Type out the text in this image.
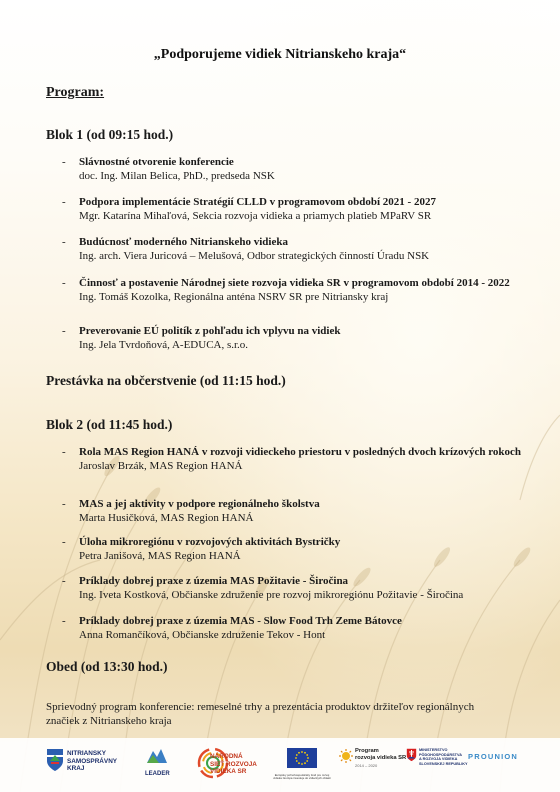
„Podporujeme vidiek Nitrianskeho kraja“
Program:
Blok 1 (od 09:15 hod.)
-	Slávnostné otvorenie konferencie
doc. Ing. Milan Belica, PhD., predseda NSK
-	Podpora implementácie Stratégií CLLD v programovom období 2021 - 2027
Mgr. Katarína Mihaľová, Sekcia rozvoja vidieka a priamych platieb MPaRV SR
-	Budúcnosť moderného Nitrianskeho vidieka
Ing. arch. Viera Juricová – Melušová, Odbor strategických činností Úradu NSK
-	Činnosť a postavenie Národnej siete rozvoja vidieka SR v programovom období 2014 - 2022
Ing. Tomáš Kozolka, Regionálna anténa NSRV SR pre Nitriansky kraj
-	Preverovanie EÚ politík z pohľadu ich vplyvu na vidiek
Ing. Jela Tvrdoňová, A-EDUCA, s.r.o.
Prestávka na občerstvenie (od 11:15 hod.)
Blok 2 (od 11:45 hod.)
-	Rola MAS Region HANÁ v rozvoji vidieckeho priestoru v posledných dvoch krízových rokoch
Jaroslav Brzák, MAS Region HANÁ
-	MAS a jej aktivity v podpore regionálneho školstva
Marta Husičková, MAS Region HANÁ
-	Úloha mikroregiónu v rozvojových aktivitách Bystričky
Petra Janišová, MAS Region HANÁ
-	Príklady dobrej praxe z územia MAS Požitavie - Širočina
Ing. Iveta Kostková, Občianske združenie pre rozvoj mikroregiónu Požitavie - Širočina
-	Príklady dobrej praxe z územia MAS - Slow Food Trh Zeme Bátovce
Anna Romančíková, Občianske združenie Tekov - Hont
Obed (od 13:30 hod.)
Sprievodný program konferencie: remeselné trhy a prezentácia produktov držiteľov regionálnych značiek z Nitrianskeho kraja
NITRIANSKY
SAMOSPRÁVNY
KRAJ
LEADER
NÁRODNÁ
SIEŤ ROZVOJA
VIDIEKA SR	Európsky poľnohospodársky fond pre rozvoj vidieka: Európa investuje do vidieckych oblastí
Program
rozvoja vidieka SR
2014 – 2020
MINISTERSTVO
PÔDOHOSPODÁRSTVA
A ROZVOJA VIDIEKA
SLOVENSKEJ REPUBLIKY
PROUNION
